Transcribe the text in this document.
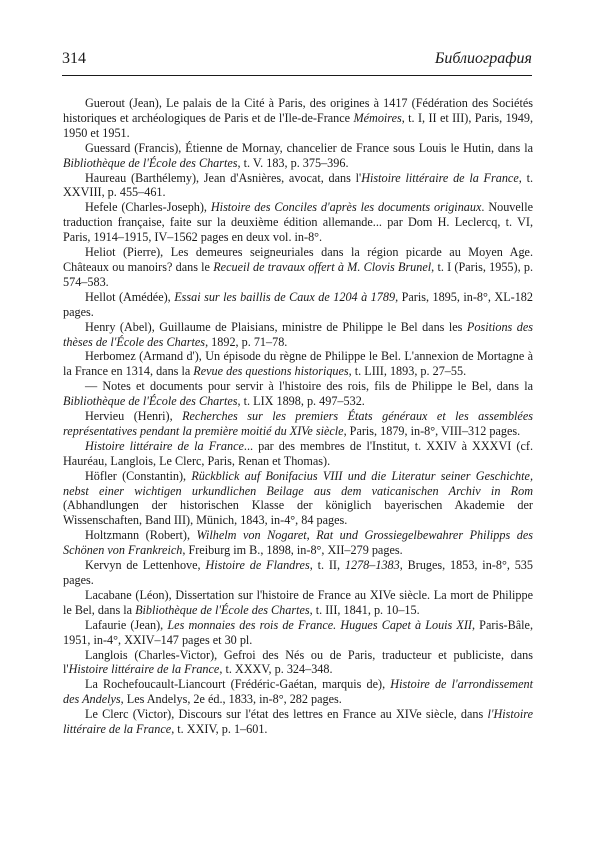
314	Библиография

Guerout (Jean), Le palais de la Cité à Paris, des origines à 1417 (Fédération des Sociétés historiques et archéologiques de Paris et de l'Ile-de-France Mémoires, t. I, II et III), Paris, 1949, 1950 et 1951.

Guessard (Francis), Étienne de Mornay, chancelier de France sous Louis le Hutin, dans la Bibliothèque de l'École des Chartes, t. V. 183, p. 375–396.

Haureau (Barthélemy), Jean d'Asnières, avocat, dans l'Histoire littéraire de la France, t. XXVIII, p. 455–461.

Hefele (Charles-Joseph), Histoire des Conciles d'après les documents originaux. Nouvelle traduction française, faite sur la deuxième édition allemande... par Dom H. Leclercq, t. VI, Paris, 1914–1915, IV–1562 pages en deux vol. in-8°.

Heliot (Pierre), Les demeures seigneuriales dans la région picarde au Moyen Age. Châteaux ou manoirs? dans le Recueil de travaux offert à M. Clovis Brunel, t. I (Paris, 1955), p. 574–583.

Hellot (Amédée), Essai sur les baillis de Caux de 1204 à 1789, Paris, 1895, in-8°, XL-182 pages.

Henry (Abel), Guillaume de Plaisians, ministre de Philippe le Bel dans les Positions des thèses de l'École des Chartes, 1892, p. 71–78.

Herbomez (Armand d'), Un épisode du règne de Philippe le Bel. L'annexion de Mortagne à la France en 1314, dans la Revue des questions historiques, t. LIII, 1893, p. 27–55.

— Notes et documents pour servir à l'histoire des rois, fils de Philippe le Bel, dans la Bibliothèque de l'École des Chartes, t. LIX 1898, p. 497–532.

Hervieu (Henri), Recherches sur les premiers États généraux et les assemblées représentatives pendant la première moitié du XIVe siècle, Paris, 1879, in-8°, VIII–312 pages.

Histoire littéraire de la France... par des membres de l'Institut, t. XXIV à XXXVI (cf. Hauréau, Langlois, Le Clerc, Paris, Renan et Thomas).

Höfler (Constantin), Rückblick auf Bonifacius VIII und die Literatur seiner Geschichte, nebst einer wichtigen urkundlichen Beilage aus dem vaticanischen Archiv in Rom (Abhandlungen der historischen Klasse der königlich bayerischen Akademie der Wissenschaften, Band III), Münich, 1843, in-4°, 84 pages.

Holtzmann (Robert), Wilhelm von Nogaret, Rat und Grossiegelbewahrer Philipps des Schönen von Frankreich, Freiburg im B., 1898, in-8°, XII–279 pages.

Kervyn de Lettenhove, Histoire de Flandres, t. II, 1278–1383, Bruges, 1853, in-8°, 535 pages.

Lacabane (Léon), Dissertation sur l'histoire de France au XIVe siècle. La mort de Philippe le Bel, dans la Bibliothèque de l'École des Chartes, t. III, 1841, p. 10–15.

Lafaurie (Jean), Les monnaies des rois de France. Hugues Capet à Louis XII, Paris-Bâle, 1951, in-4°, XXIV–147 pages et 30 pl.

Langlois (Charles-Victor), Gefroi des Nés ou de Paris, traducteur et publiciste, dans l'Histoire littéraire de la France, t. XXXV, p. 324–348.

La Rochefoucault-Liancourt (Frédéric-Gaétan, marquis de), Histoire de l'arrondissement des Andelys, Les Andelys, 2e éd., 1833, in-8°, 282 pages.

Le Clerc (Victor), Discours sur l'état des lettres en France au XIVe siècle, dans l'Histoire littéraire de la France, t. XXIV, p. 1–601.
